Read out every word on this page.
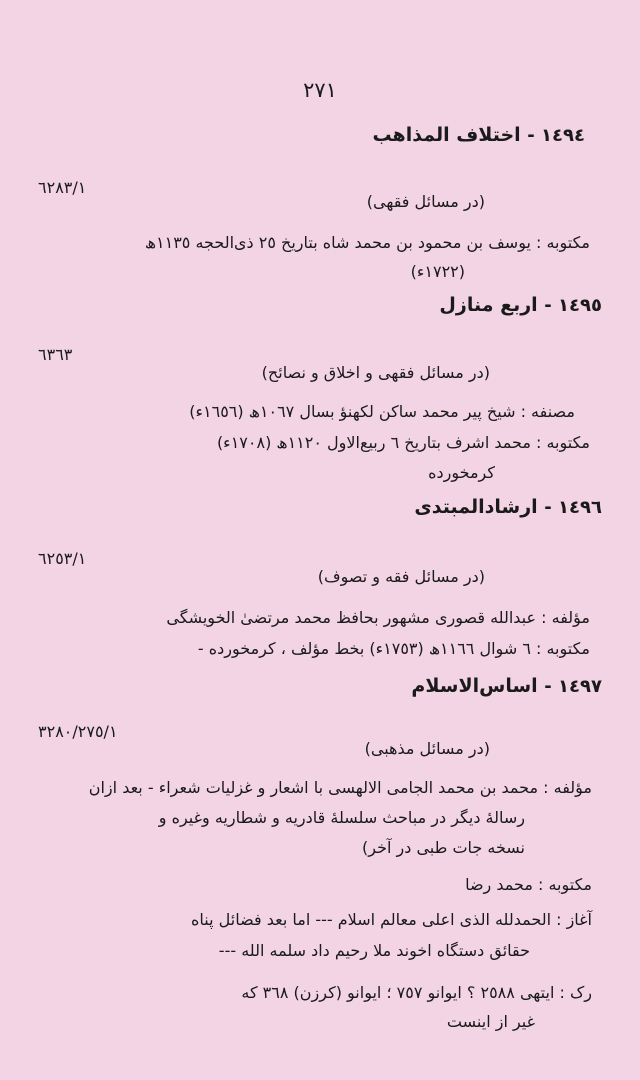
٢٧١
١٤٩٤ - اختلاف المذاهب
٦٢٨٣/١
(در مسائل فقهی)
مکتوبه : یوسف بن محمود بن محمد شاه بتاریخ ٢٥ ذی‌الحجه ١١٣٥ھ
(١٧٢٢ء)
١٤٩٥ - اربع منازل
٦٣٦٣
(در مسائل فقهی و اخلاق و نصائح)
مصنفه : شیخ پیر محمد ساکن لکهنؤ بسال ١٠٦٧ھ (١٦٥٦ء)
مکتوبه : محمد اشرف بتاریخ ٦ ربیع‌الاول ١١٢٠ھ (١٧٠٨ء)
کرمخورده
١٤٩٦ - ارشادالمبتدی
٦٢٥٣/١
(در مسائل فقه و تصوف)
مؤلفه : عبدالله قصوری مشهور بحافظ محمد مرتضیٰ الخویشگی
مکتوبه : ٦ شوال ١١٦٦ھ (١٧٥٣ء) بخط مؤلف ، کرمخورده -
١٤٩٧ - اساس‌الاسلام
٣٢٨٠/٢٧٥/١
(در مسائل مذهبی)
مؤلفه : محمد بن محمد الجامی الالهسی با اشعار و غزلیات شعراء - بعد ازان
رسالهٔ دیگر در مباحث سلسلهٔ قادریه و شطاریه وغیره و
نسخه جات طبی در آخر)
مکتوبه : محمد رضا
آغاز : الحمدلله الذی اعلی معالم اسلام --- اما بعد فضائل پناه
حقائق دستگاه اخوند ملا رحیم داد سلمه الله ---
رک : ایتهی ٢٥٨٨ ؟ ایوانو ٧٥٧ ؛ ایوانو (کرزن) ٣٦٨ که
غیر از اینست
